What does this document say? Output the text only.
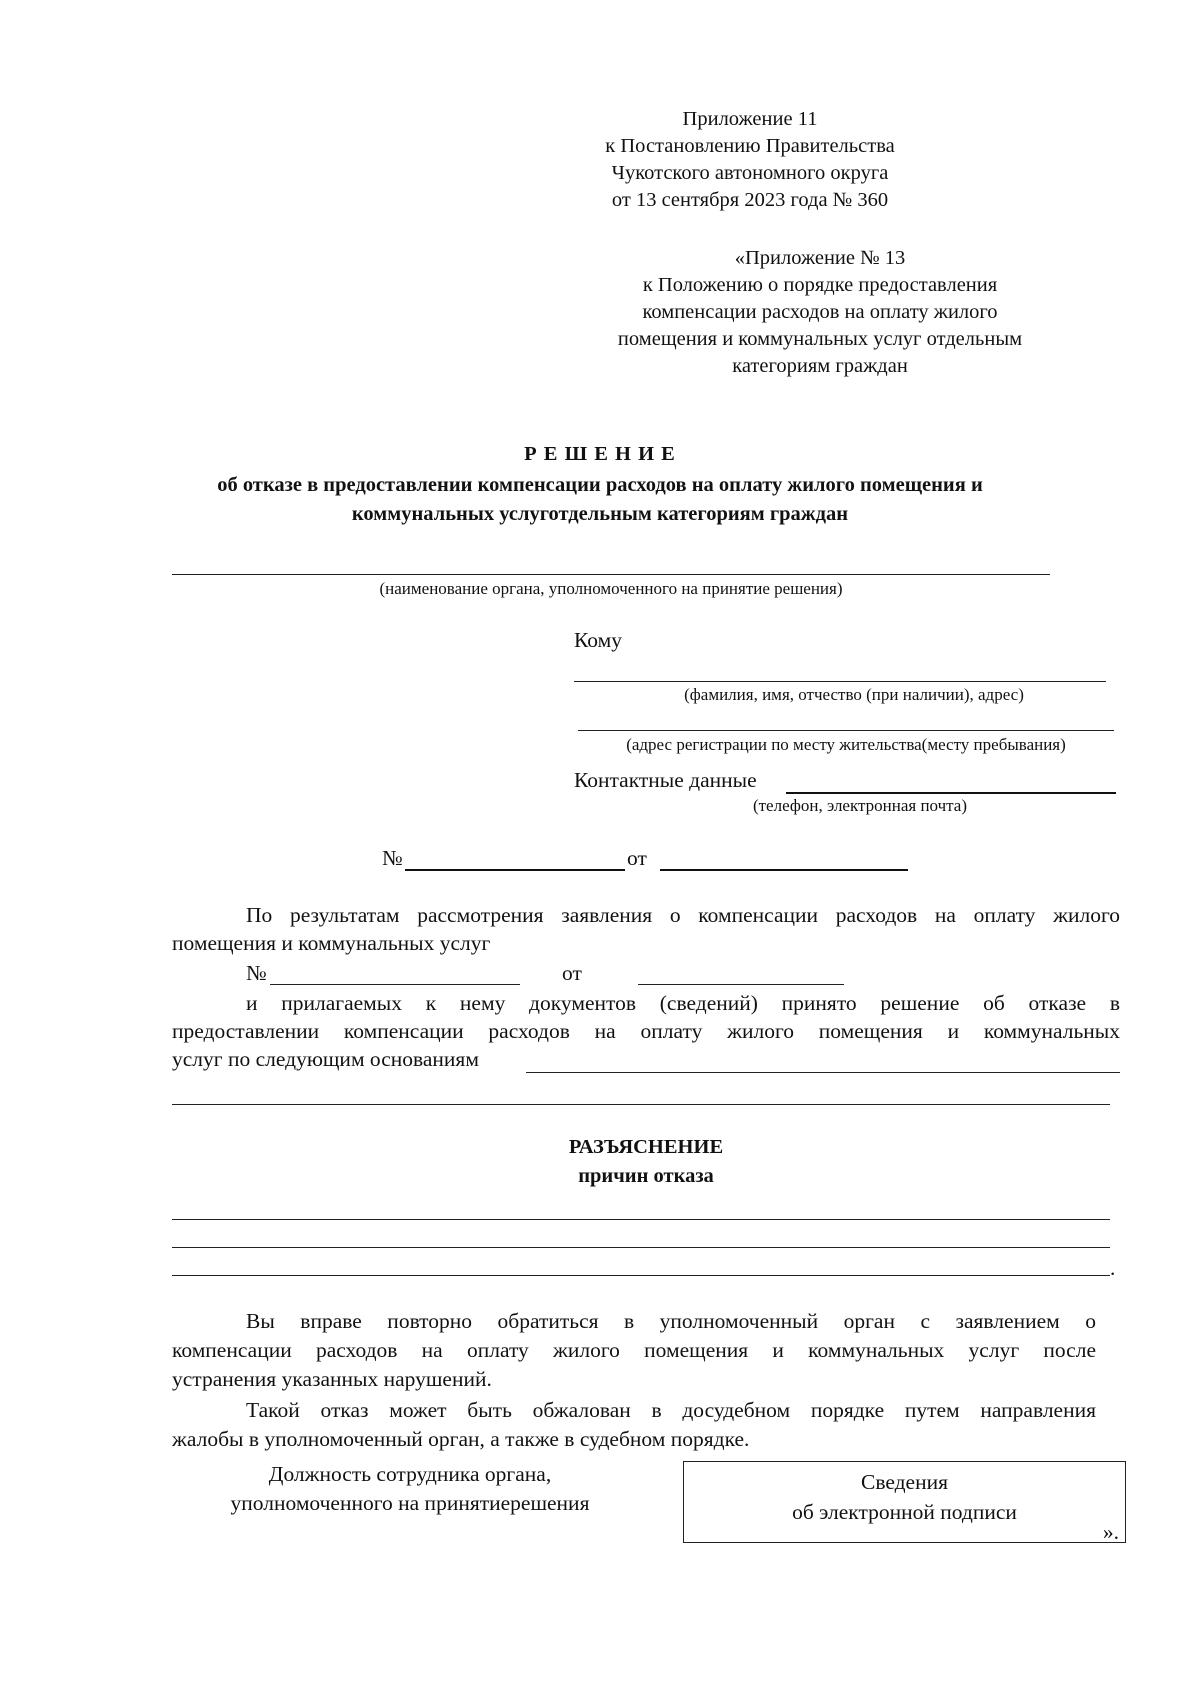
Приложение 11
к Постановлению Правительства
Чукотского автономного округа
от 13 сентября 2023 года № 360
«Приложение № 13
к Положению о порядке предоставления
компенсации расходов на оплату жилого
помещения и коммунальных услуг отдельным
категориям граждан
Р Е Ш Е Н И Е
об отказе в предоставлении компенсации расходов на оплату жилого помещения и
коммунальных услуготдельным категориям граждан
(наименование органа, уполномоченного на принятие решения)
Кому
(фамилия, имя, отчество (при наличии), адрес)
(адрес регистрации по месту жительства(месту пребывания)
Контактные данные
(телефон, электронная почта)
№	от
По результатам рассмотрения заявления о компенсации расходов на оплату жилого
помещения и коммунальных услуг
№	от
и прилагаемых к нему документов (сведений) принято решение об отказе в
предоставлении компенсации расходов на оплату жилого помещения и коммунальных
услуг по следующим основаниям
РАЗЪЯСНЕНИЕ
причин отказа
.
Вы вправе повторно обратиться в уполномоченный орган с заявлением о
компенсации расходов на оплату жилого помещения и коммунальных услуг после
устранения указанных нарушений.
Такой отказ может быть обжалован в досудебном порядке путем направления
жалобы в уполномоченный орган, а также в судебном порядке.
Должность сотрудника органа,
уполномоченного на принятиерешения
Сведения
об электронной подписи
».
